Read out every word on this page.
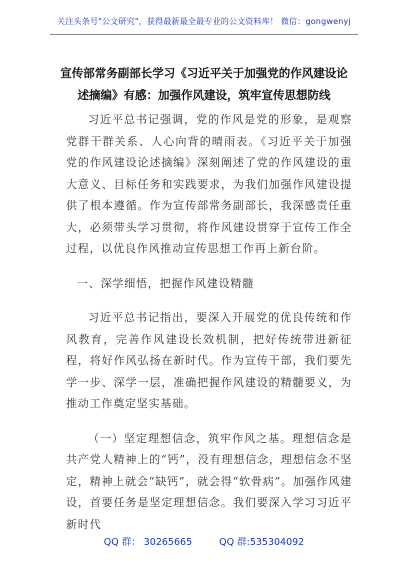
关注头条号"公文研究"，获得最新最全最专业的公文资料库！ 微信：gongwenyj
宣传部常务副部长学习《习近平关于加强党的作风建设论述摘编》有感：加强作风建设，筑牢宣传思想防线

习近平总书记强调，党的作风是党的形象，是观察党群干群关系、人心向背的晴雨表。《习近平关于加强党的作风建设论述摘编》深刻阐述了党的作风建设的重大意义、目标任务和实践要求，为我们加强作风建设提供了根本遵循。作为宣传部常务副部长，我深感责任重大，必须带头学习贯彻，将作风建设贯穿于宣传工作全过程，以优良作风推动宣传思想工作再上新台阶。

一、深学细悟，把握作风建设精髓

习近平总书记指出，要深入开展党的优良传统和作风教育，完善作风建设长效机制，把好传统带进新征程，将好作风弘扬在新时代。作为宣传干部，我们要先学一步、深学一层，准确把握作风建设的精髓要义，为推动工作奠定坚实基础。

（一）坚定理想信念，筑牢作风之基。理想信念是共产党人精神上的“钙”，没有理想信念，理想信念不坚定，精神上就会“缺钙”，就会得“软骨病”。加强作风建设，首要任务是坚定理想信念。我们要深入学习习近平新时代

QQ 群： 30265665	QQ 群:535304092
